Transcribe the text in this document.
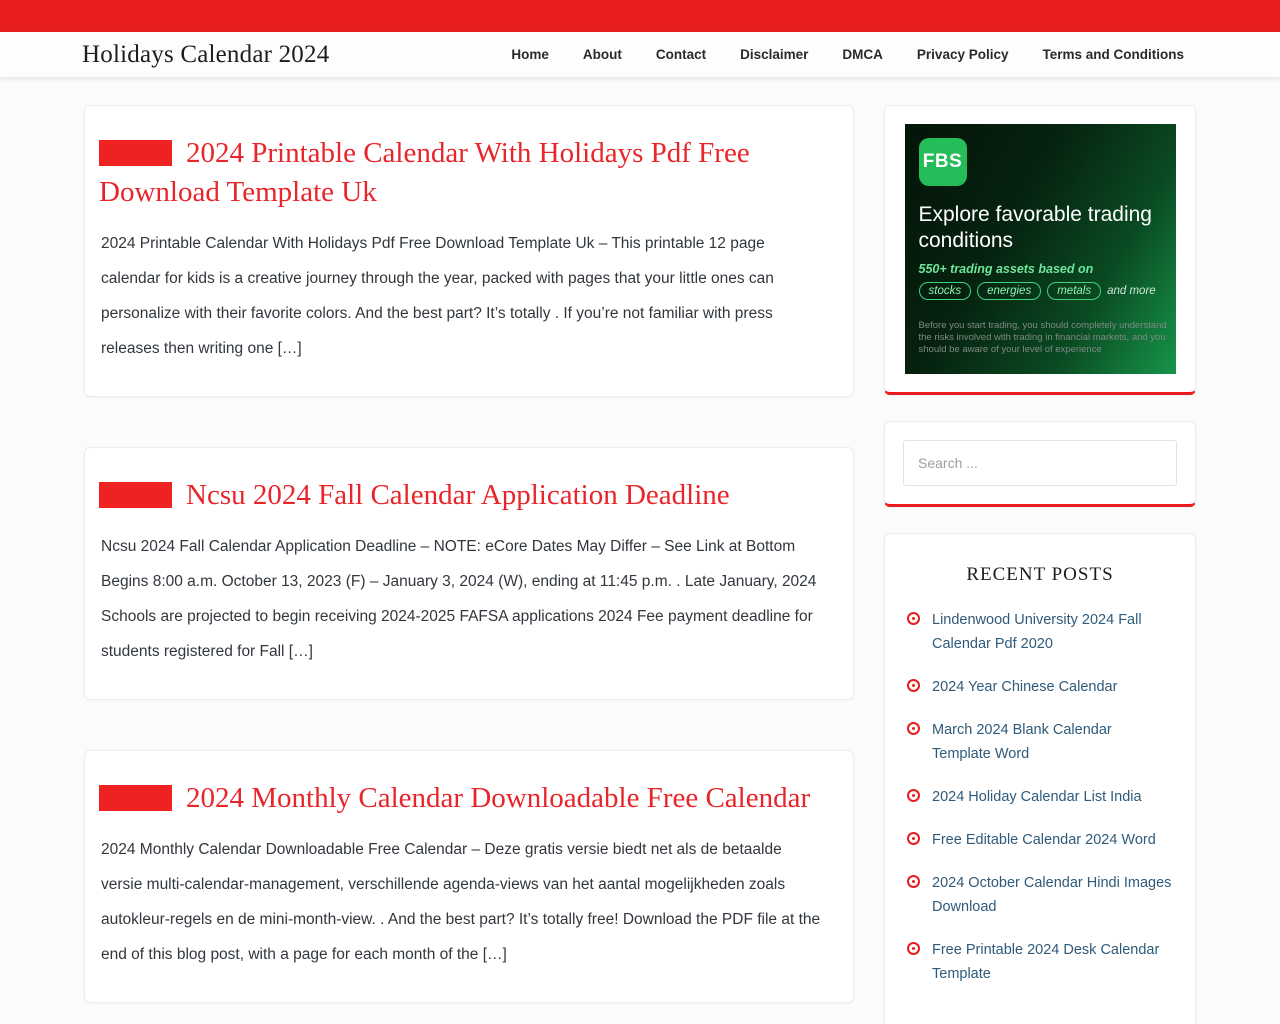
Holidays Calendar 2024	Home	About	Contact	Disclaimer	DMCA	Privacy Policy	Terms and Conditions
2024 Printable Calendar With Holidays Pdf Free Download Template Uk

2024 Printable Calendar With Holidays Pdf Free Download Template Uk – This printable 12 page calendar for kids is a creative journey through the year, packed with pages that your little ones can personalize with their favorite colors. And the best part? It’s totally . If you’re not familiar with press releases then writing one […]

Ncsu 2024 Fall Calendar Application Deadline

Ncsu 2024 Fall Calendar Application Deadline – NOTE: eCore Dates May Differ – See Link at Bottom Begins 8:00 a.m. October 13, 2023 (F) – January 3, 2024 (W), ending at 11:45 p.m. . Late January, 2024 Schools are projected to begin receiving 2024-2025 FAFSA applications 2024 Fee payment deadline for students registered for Fall […]

2024 Monthly Calendar Downloadable Free Calendar

2024 Monthly Calendar Downloadable Free Calendar – Deze gratis versie biedt net als de betaalde versie multi-calendar-management, verschillende agenda-views van het aantal mogelijkheden zoals autokleur-regels en de mini-month-view. . And the best part? It’s totally free! Download the PDF file at the end of this blog post, with a page for each month of the […]

FBS
Explore favorable trading conditions
550+ trading assets based on
stocks	energies	metals	and more
Before you start trading, you should completely understand the risks involved with trading in financial markets, and you should be aware of your level of experience
Search ...
RECENT POSTS
Lindenwood University 2024 Fall Calendar Pdf 2020
2024 Year Chinese Calendar
March 2024 Blank Calendar Template Word
2024 Holiday Calendar List India
Free Editable Calendar 2024 Word
2024 October Calendar Hindi Images Download
Free Printable 2024 Desk Calendar Template
